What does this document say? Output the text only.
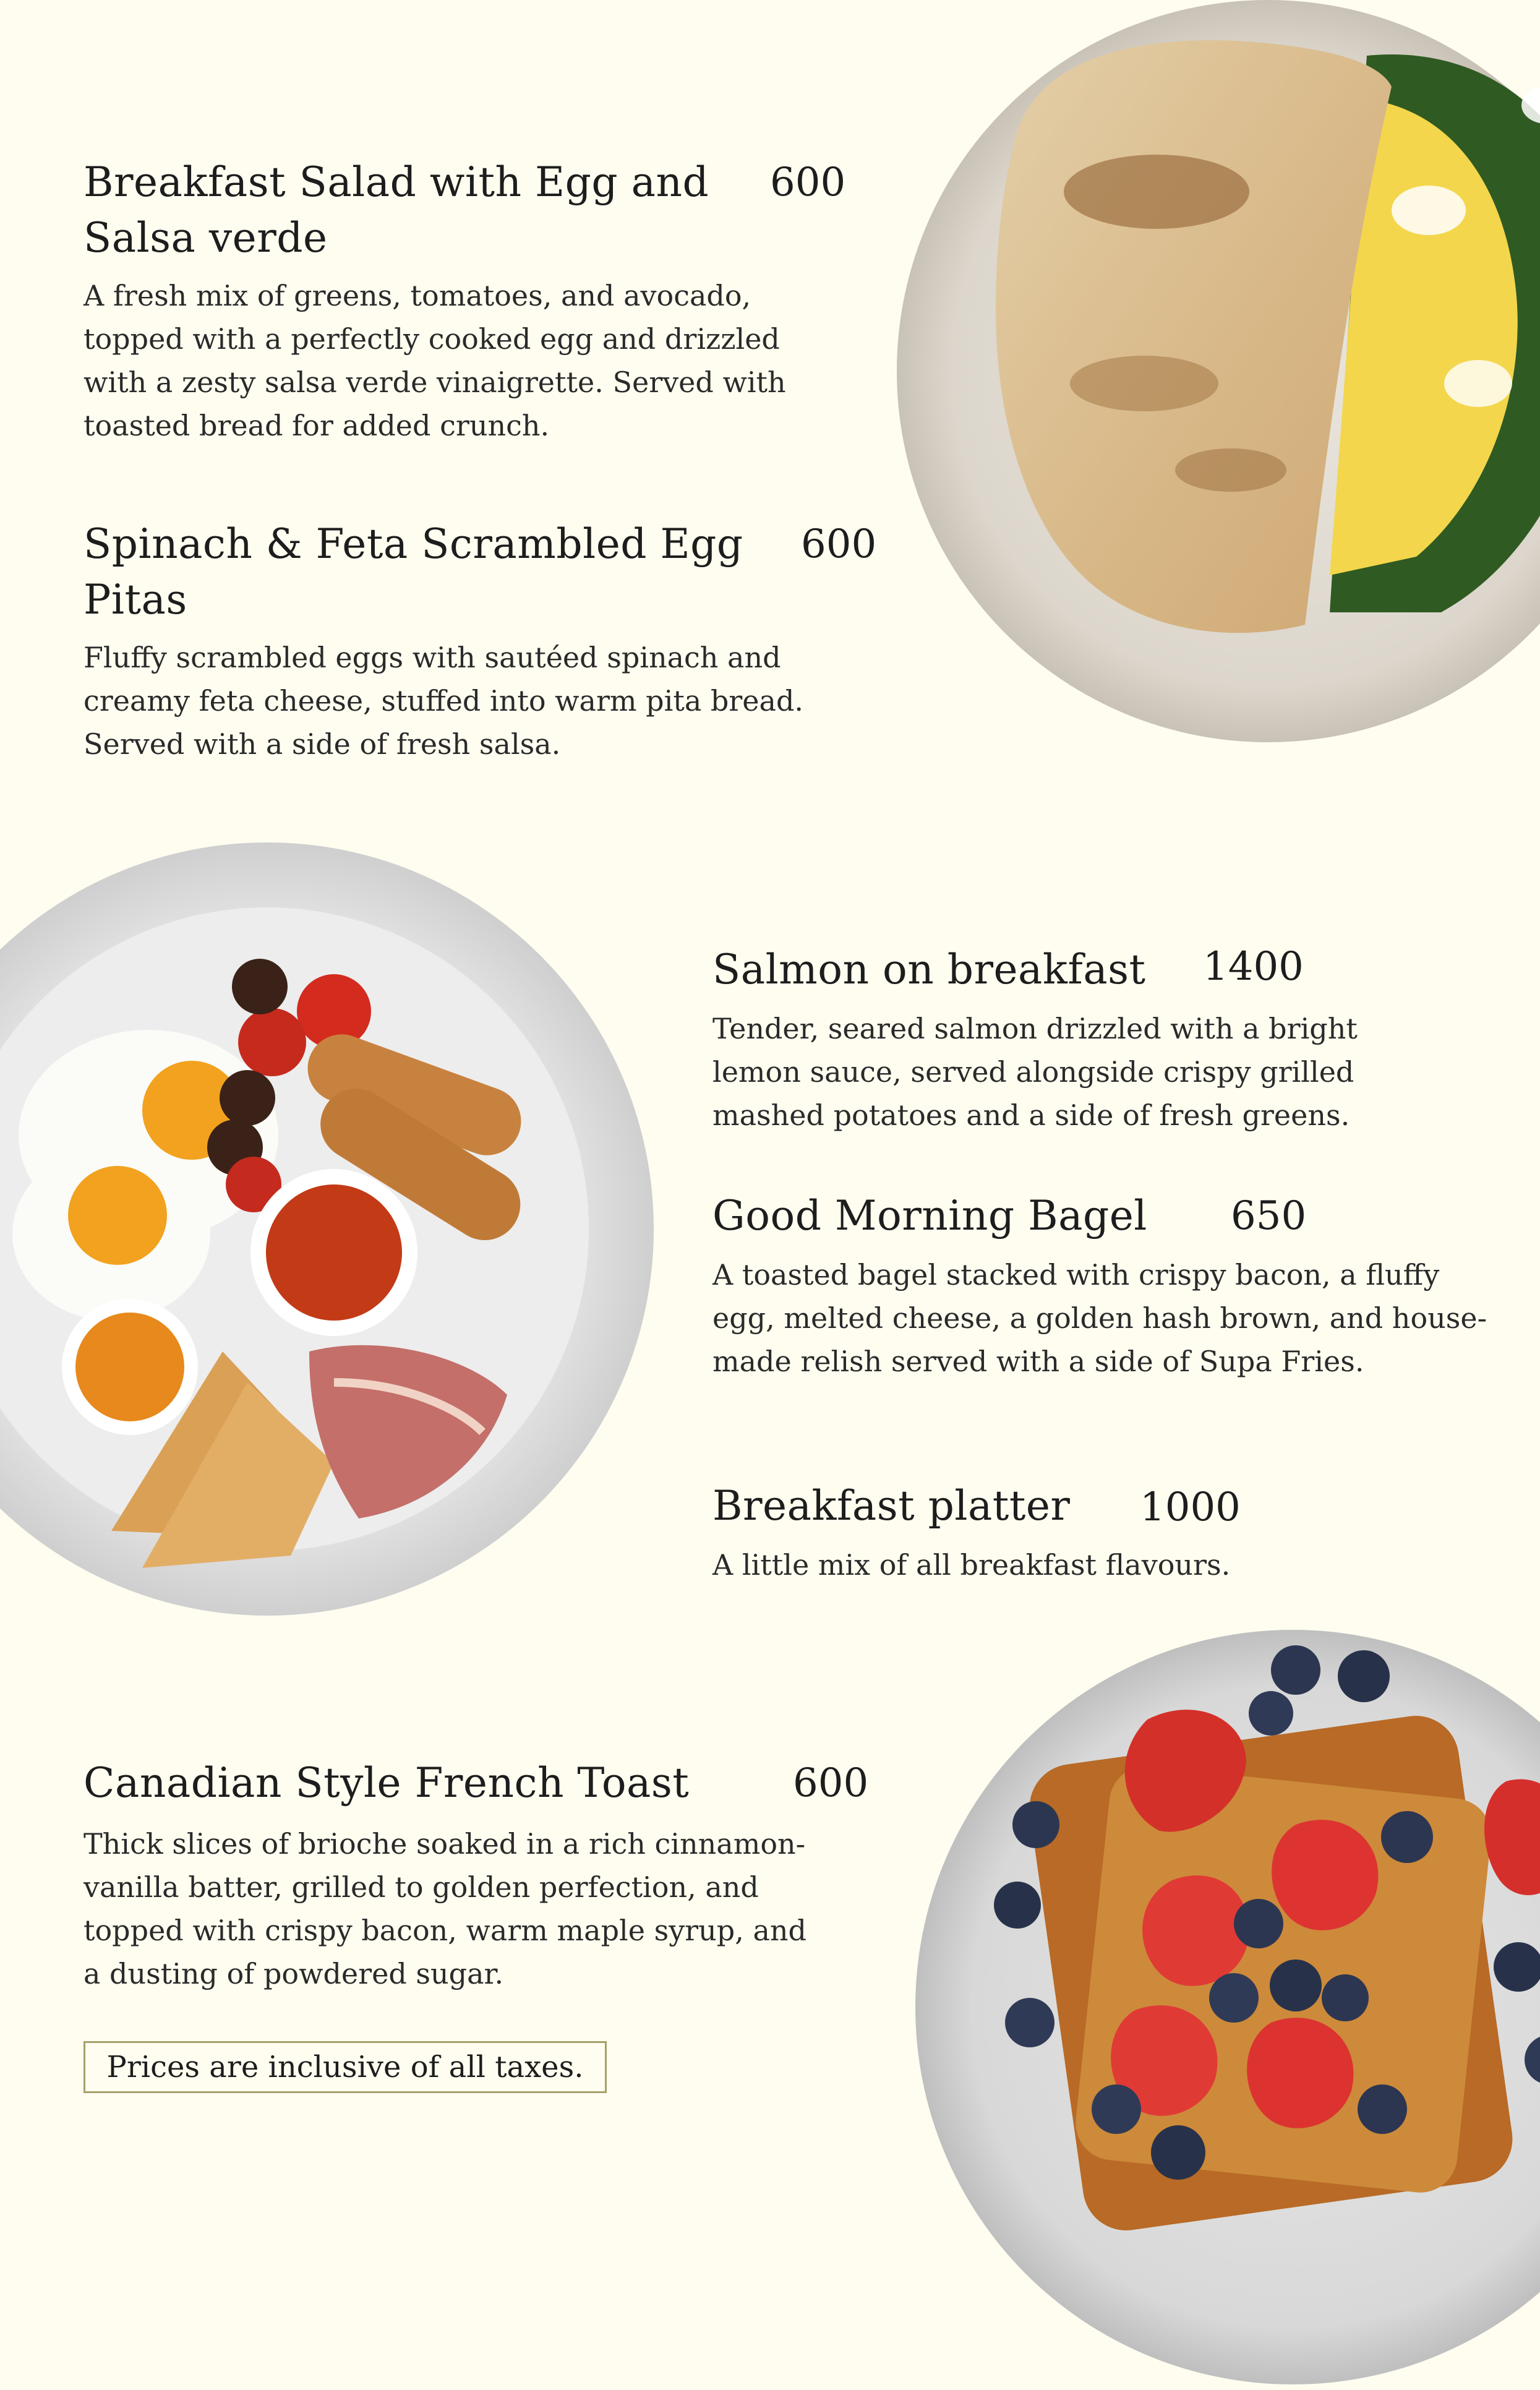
Breakfast Salad with Egg and Salsa verde
600
A fresh mix of greens, tomatoes, and avocado, topped with a perfectly cooked egg and drizzled with a zesty salsa verde vinaigrette. Served with toasted bread for added crunch.
Spinach & Feta Scrambled Egg Pitas
600
Fluffy scrambled eggs with sautéed spinach and creamy feta cheese, stuffed into warm pita bread. Served with a side of fresh salsa.
Salmon on breakfast	1400
Tender, seared salmon drizzled with a bright lemon sauce, served alongside crispy grilled mashed potatoes and a side of fresh greens.
Good Morning Bagel	650
A toasted bagel stacked with crispy bacon, a fluffy egg, melted cheese, a golden hash brown, and house-made relish served with a side of Supa Fries.
Breakfast platter	1000
A little mix of all breakfast flavours.
Canadian Style French Toast	600
Thick slices of brioche soaked in a rich cinnamon-vanilla batter, grilled to golden perfection, and topped with crispy bacon, warm maple syrup, and a dusting of powdered sugar.
Prices are inclusive of all taxes.
